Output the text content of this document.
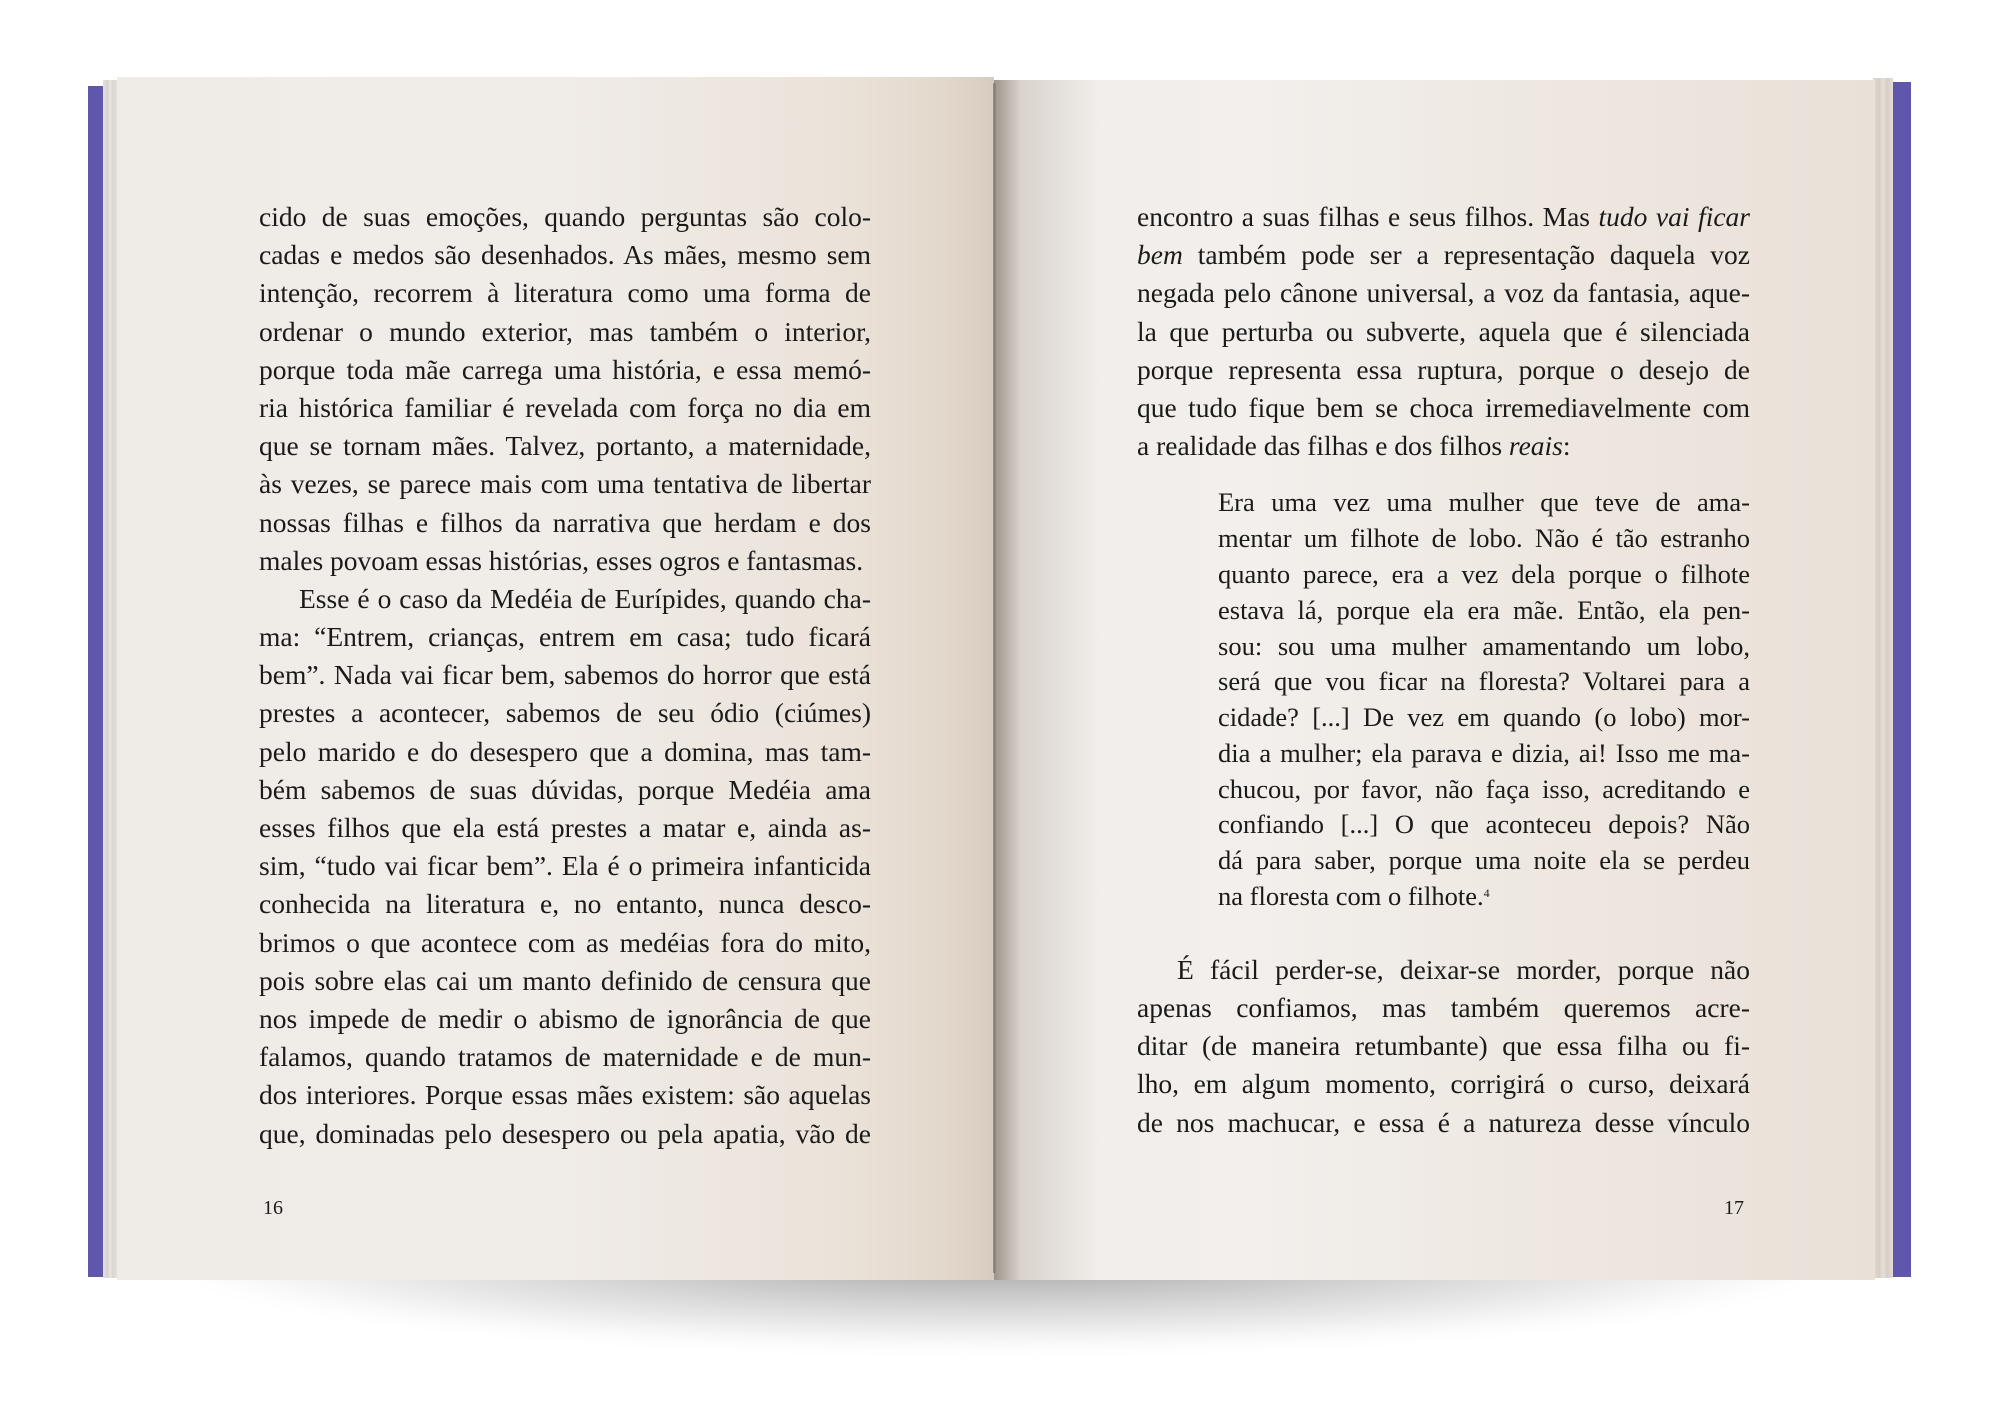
cido de suas emoções, quando perguntas são colo-
cadas e medos são desenhados. As mães, mesmo sem
intenção, recorrem à literatura como uma forma de
ordenar o mundo exterior, mas também o interior,
porque toda mãe carrega uma história, e essa memó-
ria histórica familiar é revelada com força no dia em
que se tornam mães. Talvez, portanto, a maternidade,
às vezes, se parece mais com uma tentativa de libertar
nossas filhas e filhos da narrativa que herdam e dos
males povoam essas histórias, esses ogros e fantasmas.
Esse é o caso da Medéia de Eurípides, quando cha-
ma: “Entrem, crianças, entrem em casa; tudo ficará
bem”. Nada vai ficar bem, sabemos do horror que está
prestes a acontecer, sabemos de seu ódio (ciúmes)
pelo marido e do desespero que a domina, mas tam-
bém sabemos de suas dúvidas, porque Medéia ama
esses filhos que ela está prestes a matar e, ainda as-
sim, “tudo vai ficar bem”. Ela é o primeira infanticida
conhecida na literatura e, no entanto, nunca desco-
brimos o que acontece com as medéias fora do mito,
pois sobre elas cai um manto definido de censura que
nos impede de medir o abismo de ignorância de que
falamos, quando tratamos de maternidade e de mun-
dos interiores. Porque essas mães existem: são aquelas
que, dominadas pelo desespero ou pela apatia, vão de
16
encontro a suas filhas e seus filhos. Mas tudo vai ficar
bem também pode ser a representação daquela voz
negada pelo cânone universal, a voz da fantasia, aque-
la que perturba ou subverte, aquela que é silenciada
porque representa essa ruptura, porque o desejo de
que tudo fique bem se choca irremediavelmente com
a realidade das filhas e dos filhos reais:
Era uma vez uma mulher que teve de ama-
mentar um filhote de lobo. Não é tão estranho
quanto parece, era a vez dela porque o filhote
estava lá, porque ela era mãe. Então, ela pen-
sou: sou uma mulher amamentando um lobo,
será que vou ficar na floresta? Voltarei para a
cidade? [...] De vez em quando (o lobo) mor-
dia a mulher; ela parava e dizia, ai! Isso me ma-
chucou, por favor, não faça isso, acreditando e
confiando [...] O que aconteceu depois? Não
dá para saber, porque uma noite ela se perdeu
na floresta com o filhote.$^4$
É fácil perder-se, deixar-se morder, porque não
apenas confiamos, mas também queremos acre-
ditar (de maneira retumbante) que essa filha ou fi-
lho, em algum momento, corrigirá o curso, deixará
de nos machucar, e essa é a natureza desse vínculo
17
